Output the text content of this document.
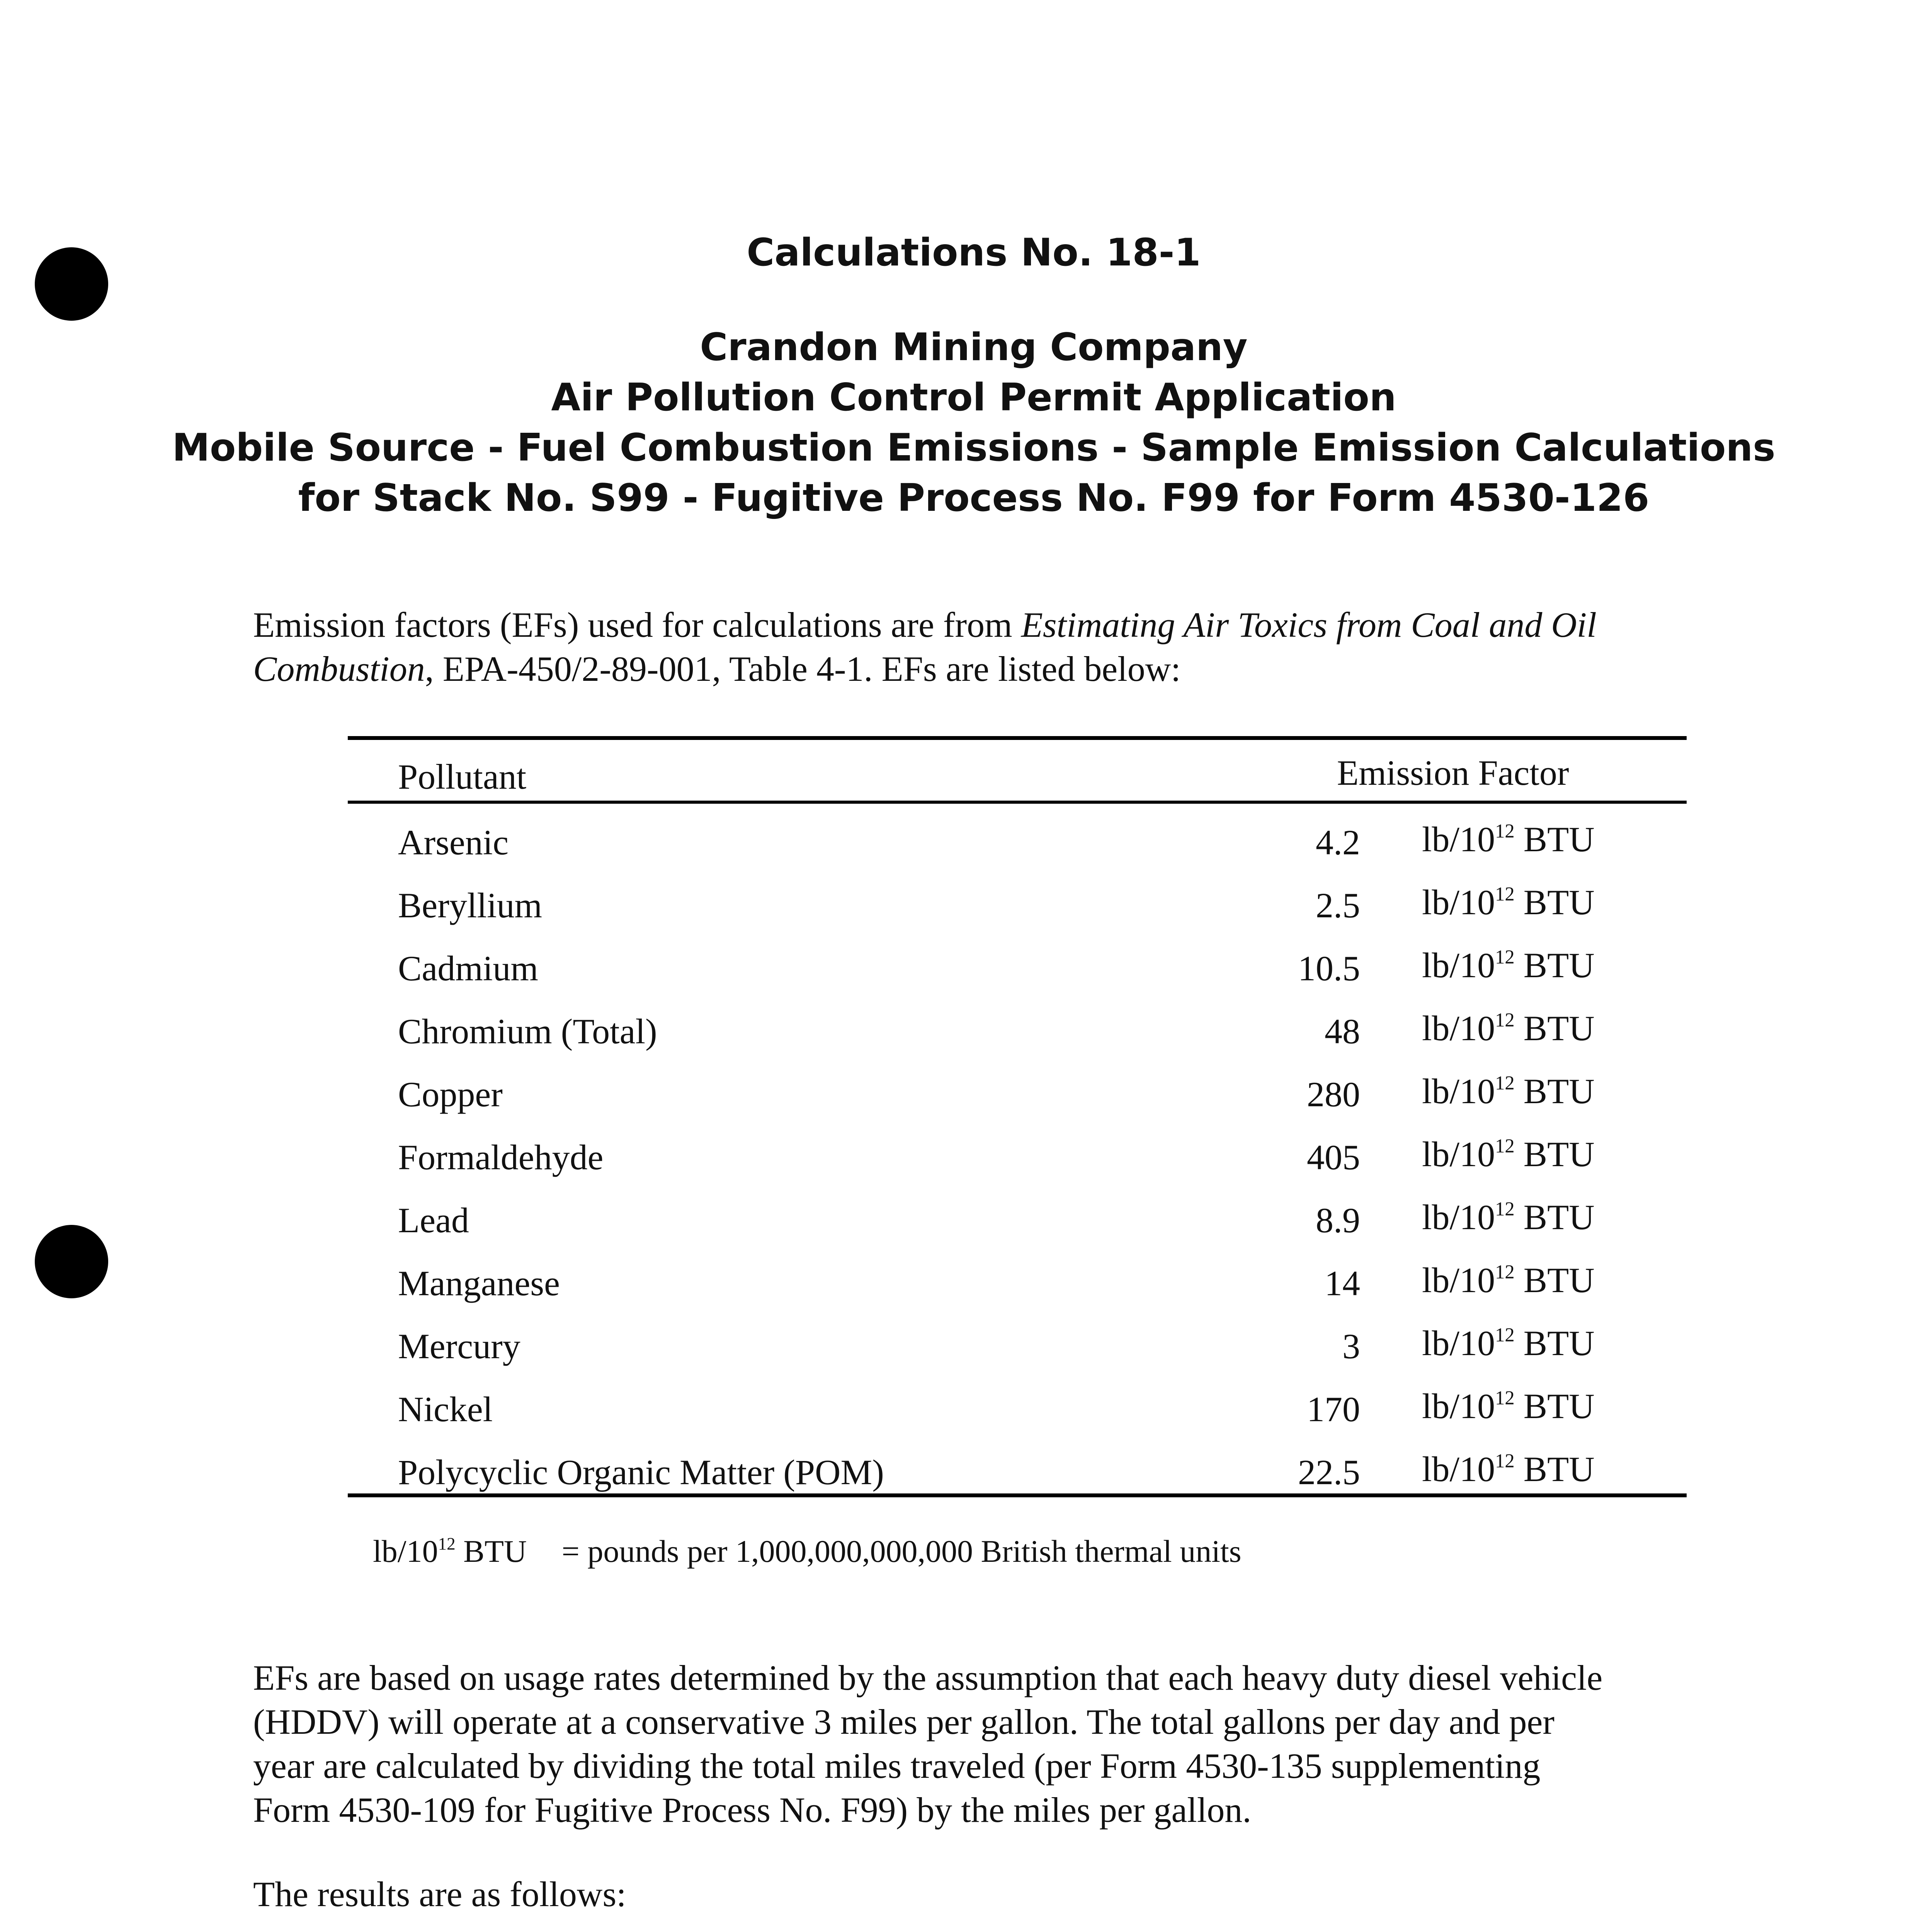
Calculations No. 18-1
Crandon Mining Company
Air Pollution Control Permit Application
Mobile Source - Fuel Combustion Emissions - Sample Emission Calculations
for Stack No. S99 - Fugitive Process No. F99 for Form 4530-126
Emission factors (EFs) used for calculations are from Estimating Air Toxics from Coal and Oil
Combustion, EPA-450/2-89-001, Table 4-1. EFs are listed below:
Pollutant	Emission Factor
Arsenic	4.2 $lb/10^{12}$ BTU
Beryllium	2.5 $lb/10^{12}$ BTU
Cadmium	10.5 $lb/10^{12}$ BTU
Chromium (Total)	48 $lb/10^{12}$ BTU
Copper	280 $lb/10^{12}$ BTU
Formaldehyde	405 $lb/10^{12}$ BTU
Lead	8.9 $lb/10^{12}$ BTU
Manganese	14 $lb/10^{12}$ BTU
Mercury	3 $lb/10^{12}$ BTU
Nickel	170 $lb/10^{12}$ BTU
Polycyclic Organic Matter (POM)	22.5 $lb/10^{12}$ BTU
$lb/10^{12}$ BTU = pounds per 1,000,000,000,000 British thermal units
EFs are based on usage rates determined by the assumption that each heavy duty diesel vehicle
(HDDV) will operate at a conservative 3 miles per gallon. The total gallons per day and per
year are calculated by dividing the total miles traveled (per Form 4530-135 supplementing
Form 4530-109 for Fugitive Process No. F99) by the miles per gallon.
The results are as follows:
